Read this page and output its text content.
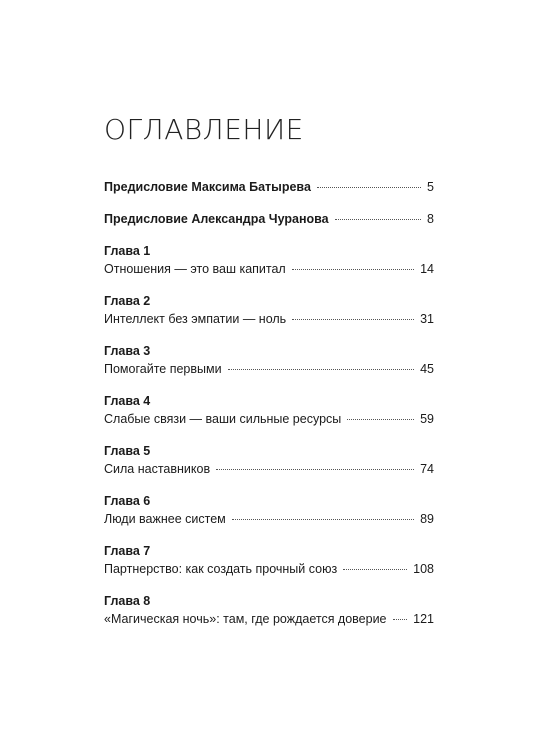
ОГЛАВЛЕНИЕ
Предисловие Максима Батырева	5
Предисловие Александра Чуранова	8
Глава 1
Отношения — это ваш капитал	14
Глава 2
Интеллект без эмпатии — ноль	31
Глава 3
Помогайте первыми	45
Глава 4
Слабые связи — ваши сильные ресурсы	59
Глава 5
Сила наставников	74
Глава 6
Люди важнее систем	89
Глава 7
Партнерство: как создать прочный союз	108
Глава 8
«Магическая ночь»: там, где рождается доверие 121
